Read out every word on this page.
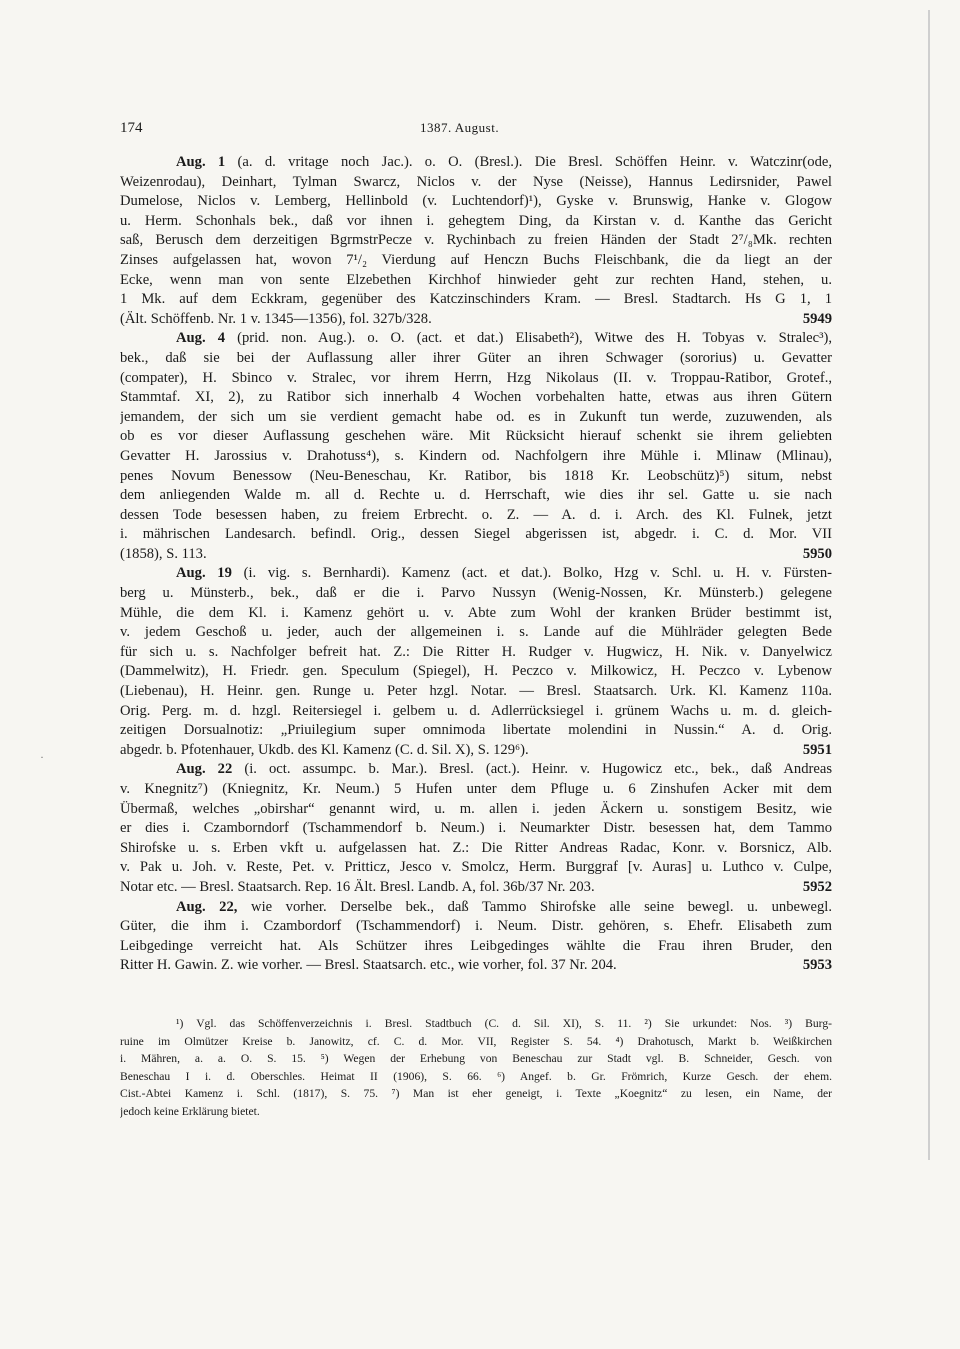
·
174	1387. August.
Aug. 1 (a. d. vritage noch Jac.). o. O. (Bresl.). Die Bresl. Schöffen Heinr. v. Watczinr(ode,
Weizenrodau), Deinhart, Tylman Swarcz, Niclos v. der Nyse (Neisse), Hannus Ledirsnider, Pawel
Dumelose, Niclos v. Lemberg, Hellinbold (v. Luchtendorf)¹), Gyske v. Brunswig, Hanke v. Glogow
u. Herm. Schonhals bek., daß vor ihnen i. gehegtem Ding, da Kirstan v. d. Kanthe das Gericht
saß, Berusch dem derzeitigen BgrmstrPecze v. Rychinbach zu freien Händen der Stadt 2⁷/₈Mk. rechten
Zinses aufgelassen hat, wovon 7¹/₂ Vierdung auf Henczn Buchs Fleischbank, die da liegt an der
Ecke, wenn man von sente Elzebethen Kirchhof hinwieder geht zur rechten Hand, stehen, u.
1 Mk. auf dem Eckkram, gegenüber des Katczinschinders Kram. — Bresl. Stadtarch. Hs G 1, 1
5949
(Ält. Schöffenb. Nr. 1 v. 1345—1356), fol. 327b/328.
Aug. 4 (prid. non. Aug.). o. O. (act. et dat.) Elisabeth²), Witwe des H. Tobyas v. Stralec³),
bek., daß sie bei der Auflassung aller ihrer Güter an ihren Schwager (sororius) u. Gevatter
(compater), H. Sbinco v. Stralec, vor ihrem Herrn, Hzg Nikolaus (II. v. Troppau-Ratibor, Grotef.,
Stammtaf. XI, 2), zu Ratibor sich innerhalb 4 Wochen vorbehalten hatte, etwas aus ihren Gütern
jemandem, der sich um sie verdient gemacht habe od. es in Zukunft tun werde, zuzuwenden, als
ob es vor dieser Auflassung geschehen wäre. Mit Rücksicht hierauf schenkt sie ihrem geliebten
Gevatter H. Jarossius v. Drahotuss⁴), s. Kindern od. Nachfolgern ihre Mühle i. Mlinaw (Mlinau),
penes Novum Benessow (Neu-Beneschau, Kr. Ratibor, bis 1818 Kr. Leobschütz)⁵) situm, nebst
dem anliegenden Walde m. all d. Rechte u. d. Herrschaft, wie dies ihr sel. Gatte u. sie nach
dessen Tode besessen haben, zu freiem Erbrecht. o. Z. — A. d. i. Arch. des Kl. Fulnek, jetzt
i. mährischen Landesarch. befindl. Orig., dessen Siegel abgerissen ist, abgedr. i. C. d. Mor. VII
5950
(1858), S. 113.
Aug. 19 (i. vig. s. Bernhardi). Kamenz (act. et dat.). Bolko, Hzg v. Schl. u. H. v. Fürsten-
berg u. Münsterb., bek., daß er die i. Parvo Nussyn (Wenig-Nossen, Kr. Münsterb.) gelegene
Mühle, die dem Kl. i. Kamenz gehört u. v. Abte zum Wohl der kranken Brüder bestimmt ist,
v. jedem Geschoß u. jeder, auch der allgemeinen i. s. Lande auf die Mühlräder gelegten Bede
für sich u. s. Nachfolger befreit hat. Z.: Die Ritter H. Rudger v. Hugwicz, H. Nik. v. Danyelwicz
(Dammelwitz), H. Friedr. gen. Speculum (Spiegel), H. Peczco v. Milkowicz, H. Peczco v. Lybenow
(Liebenau), H. Heinr. gen. Runge u. Peter hzgl. Notar. — Bresl. Staatsarch. Urk. Kl. Kamenz 110a.
Orig. Perg. m. d. hzgl. Reitersiegel i. gelbem u. d. Adlerrücksiegel i. grünem Wachs u. m. d. gleich-
zeitigen Dorsualnotiz: „Priuilegium super omnimoda libertate molendini in Nussin.“ A. d. Orig.
5951
abgedr. b. Pfotenhauer, Ukdb. des Kl. Kamenz (C. d. Sil. X), S. 129⁶).
Aug. 22 (i. oct. assumpc. b. Mar.). Bresl. (act.). Heinr. v. Hugowicz etc., bek., daß Andreas
v. Knegnitz⁷) (Kniegnitz, Kr. Neum.) 5 Hufen unter dem Pfluge u. 6 Zinshufen Acker mit dem
Übermaß, welches „obirshar“ genannt wird, u. m. allen i. jeden Äckern u. sonstigem Besitz, wie
er dies i. Czamborndorf (Tschammendorf b. Neum.) i. Neumarkter Distr. besessen hat, dem Tammo
Shirofske u. s. Erben vkft u. aufgelassen hat. Z.: Die Ritter Andreas Radac, Konr. v. Borsnicz, Alb.
v. Pak u. Joh. v. Reste, Pet. v. Pritticz, Jesco v. Smolcz, Herm. Burggraf [v. Auras] u. Luthco v. Culpe,
5952
Notar etc. — Bresl. Staatsarch. Rep. 16 Ält. Bresl. Landb. A, fol. 36b/37 Nr. 203.
Aug. 22, wie vorher. Derselbe bek., daß Tammo Shirofske alle seine bewegl. u. unbewegl.
Güter, die ihm i. Czambordorf (Tschammendorf) i. Neum. Distr. gehören, s. Ehefr. Elisabeth zum
Leibgedinge verreicht hat. Als Schützer ihres Leibgedinges wählte die Frau ihren Bruder, den
5953
Ritter H. Gawin. Z. wie vorher. — Bresl. Staatsarch. etc., wie vorher, fol. 37 Nr. 204.
¹) Vgl. das Schöffenverzeichnis i. Bresl. Stadtbuch (C. d. Sil. XI), S. 11. ²) Sie urkundet: Nos. ³) Burg-
ruine im Olmützer Kreise b. Janowitz, cf. C. d. Mor. VII, Register S. 54. ⁴) Drahotusch, Markt b. Weißkirchen
i. Mähren, a. a. O. S. 15. ⁵) Wegen der Erhebung von Beneschau zur Stadt vgl. B. Schneider, Gesch. von
Beneschau I i. d. Oberschles. Heimat II (1906), S. 66. ⁶) Angef. b. Gr. Frömrich, Kurze Gesch. der ehem.
Cist.-Abtei Kamenz i. Schl. (1817), S. 75. ⁷) Man ist eher geneigt, i. Texte „Koegnitz“ zu lesen, ein Name, der
jedoch keine Erklärung bietet.
